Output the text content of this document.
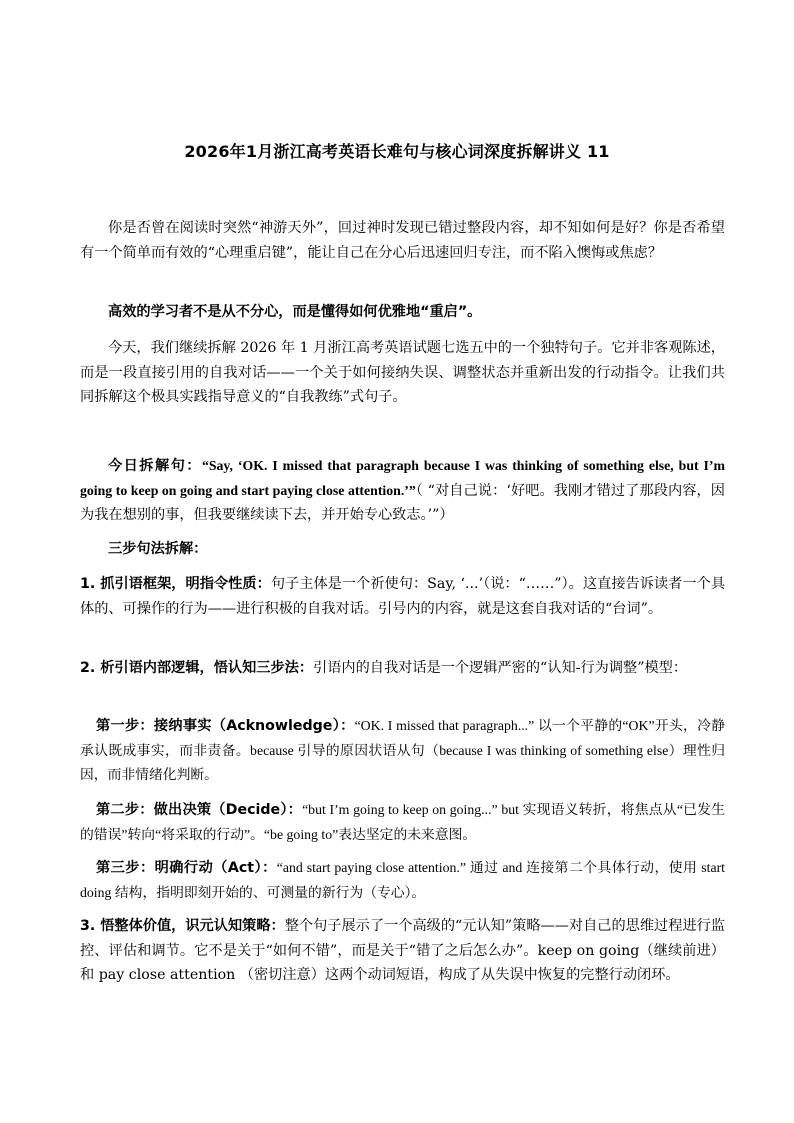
2026年1月浙江高考英语长难句与核心词深度拆解讲义 11

你是否曾在阅读时突然“神游天外”，回过神时发现已错过整段内容，却不知如何是好？你是否希望有一个简单而有效的“心理重启键”，能让自己在分心后迅速回归专注，而不陷入懊悔或焦虑？

高效的学习者不是从不分心，而是懂得如何优雅地“重启”。

今天，我们继续拆解 2026 年 1 月浙江高考英语试题七选五中的一个独特句子。它并非客观陈述，而是一段直接引用的自我对话——一个关于如何接纳失误、调整状态并重新出发的行动指令。让我们共同拆解这个极具实践指导意义的“自我教练”式句子。

今日拆解句：“Say, ‘OK. I missed that paragraph because I was thinking of something else, but I’m going to keep on going and start paying close attention.’”（ “对自己说：‘好吧。我刚才错过了那段内容，因为我在想别的事，但我要继续读下去，并开始专心致志。’”）

三步句法拆解：

1. 抓引语框架，明指令性质：句子主体是一个祈使句：Say, ‘...’（说：“……”）。这直接告诉读者一个具体的、可操作的行为——进行积极的自我对话。引号内的内容，就是这套自我对话的“台词”。

2. 析引语内部逻辑，悟认知三步法：引语内的自我对话是一个逻辑严密的“认知-行为调整”模型：

第一步：接纳事实（Acknowledge）：“OK. I missed that paragraph...” 以一个平静的“OK”开头，冷静承认既成事实，而非责备。because 引导的原因状语从句（because I was thinking of something else）理性归因，而非情绪化判断。

第二步：做出决策（Decide）：“but I’m going to keep on going...” but 实现语义转折，将焦点从“已发生的错误”转向“将采取的行动”。“be going to”表达坚定的未来意图。

第三步：明确行动（Act）：“and start paying close attention.” 通过 and 连接第二个具体行动，使用 start doing 结构，指明即刻开始的、可测量的新行为（专心）。

3. 悟整体价值，识元认知策略：整个句子展示了一个高级的“元认知”策略——对自己的思维过程进行监控、评估和调节。它不是关于“如何不错”，而是关于“错了之后怎么办”。keep on going（继续前进）和 pay close attention （密切注意）这两个动词短语，构成了从失误中恢复的完整行动闭环。
